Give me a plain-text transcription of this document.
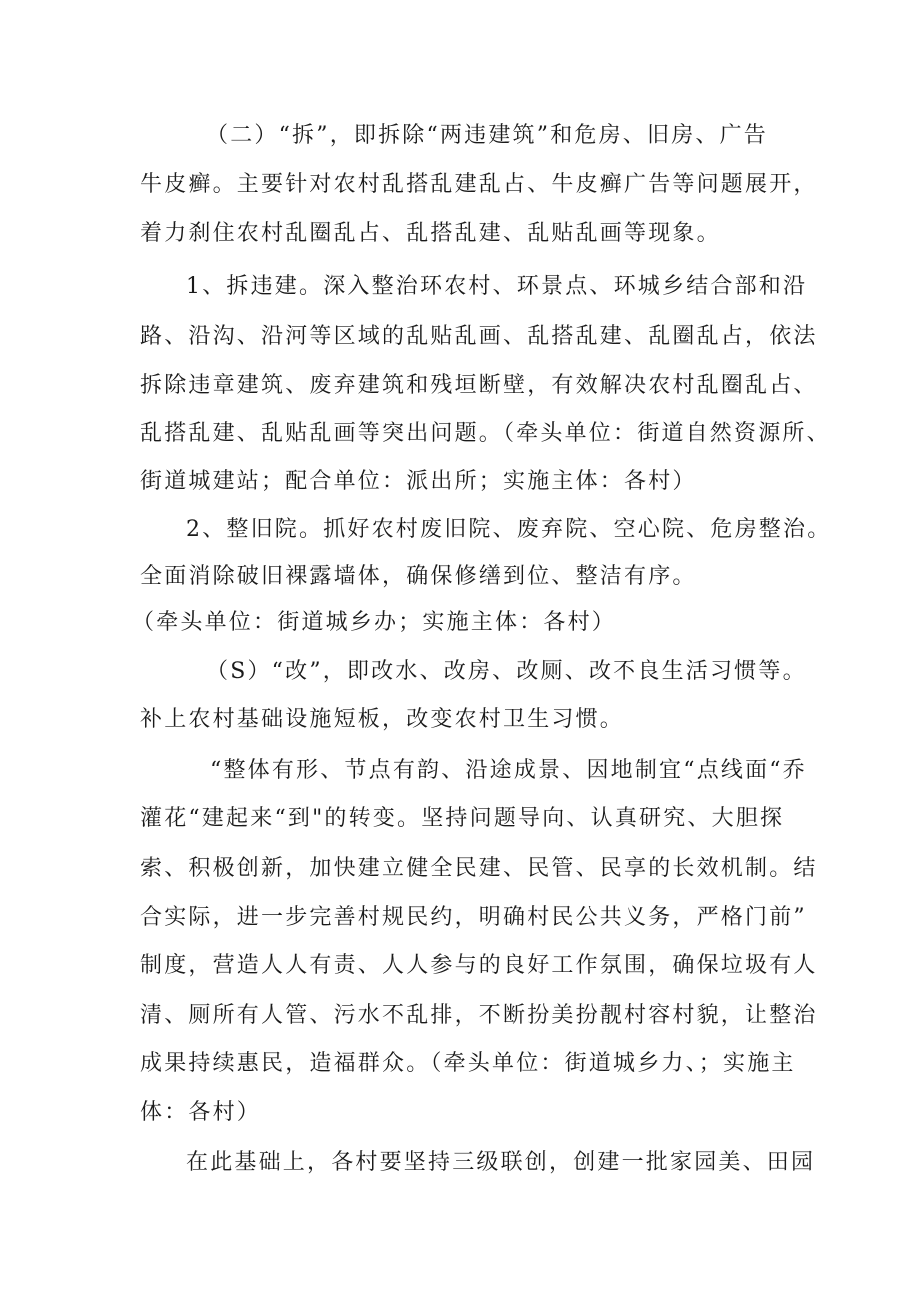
（二）“拆”，即拆除“两违建筑”和危房、旧房、广告
牛皮癣。主要针对农村乱搭乱建乱占、牛皮癣广告等问题展开，
着力刹住农村乱圈乱占、乱搭乱建、乱贴乱画等现象。
1、拆违建。深入整治环农村、环景点、环城乡结合部和沿
路、沿沟、沿河等区域的乱贴乱画、乱搭乱建、乱圈乱占，依法
拆除违章建筑、废弃建筑和残垣断壁，有效解决农村乱圈乱占、
乱搭乱建、乱贴乱画等突出问题。（牵头单位：街道自然资源所、
街道城建站；配合单位：派出所；实施主体：各村）
2、整旧院。抓好农村废旧院、废弃院、空心院、危房整治。
全面消除破旧裸露墙体，确保修缮到位、整洁有序。
（牵头单位：街道城乡办；实施主体：各村）
（S）“改”，即改水、改房、改厕、改不良生活习惯等。
补上农村基础设施短板，改变农村卫生习惯。
“整体有形、节点有韵、沿途成景、因地制宜“点线面“乔
灌花“建起来“到"的转变。坚持问题导向、认真研究、大胆探
索、积极创新，加快建立健全民建、民管、民享的长效机制。结
合实际，进一步完善村规民约，明确村民公共义务，严格门前”
制度，营造人人有责、人人参与的良好工作氛围，确保垃圾有人
清、厕所有人管、污水不乱排，不断扮美扮靓村容村貌，让整治
成果持续惠民，造福群众。（牵头单位：街道城乡力、；实施主
体：各村）
在此基础上，各村要坚持三级联创，创建一批家园美、田园
